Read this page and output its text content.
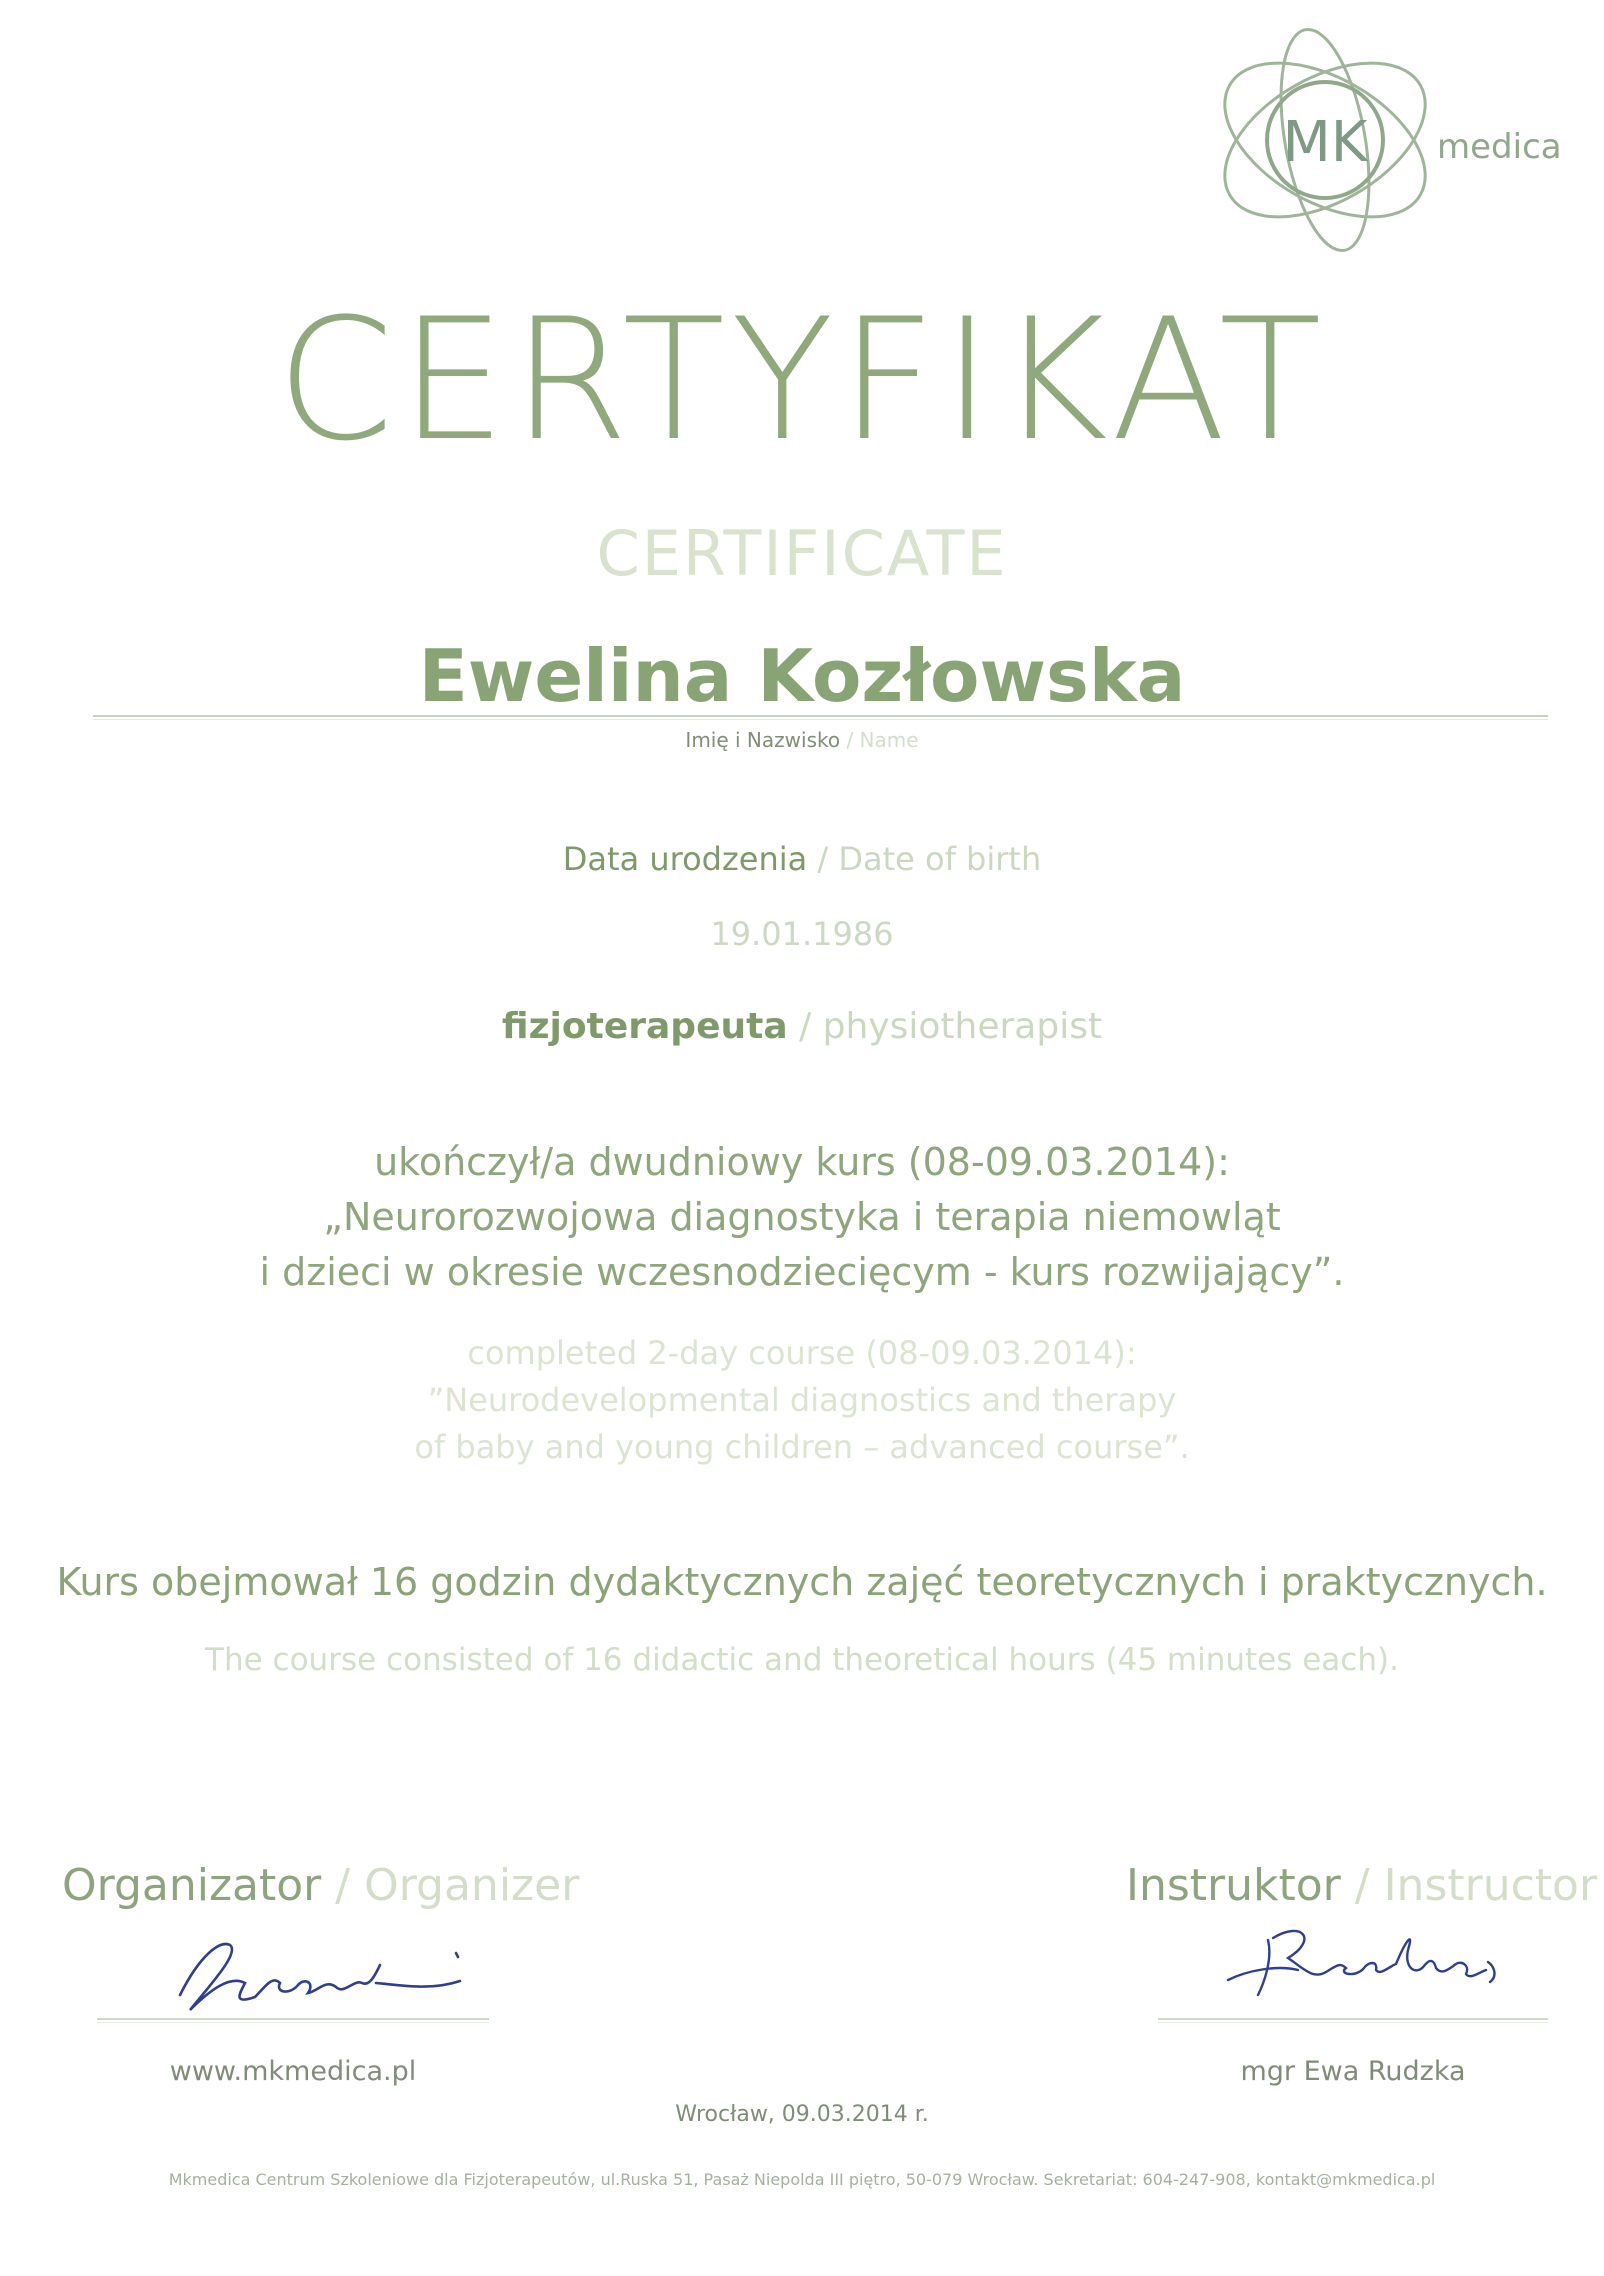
MK medica
CERTYFIKAT
CERTIFICATE
Ewelina Kozłowska
Imię i Nazwisko / Name
Data urodzenia / Date of birth
19.01.1986
fizjoterapeuta / physiotherapist
ukończył/a dwudniowy kurs (08-09.03.2014):
„Neurorozwojowa diagnostyka i terapia niemowląt
i dzieci w okresie wczesnodziecięcym - kurs rozwijający”.
completed 2-day course (08-09.03.2014):
”Neurodevelopmental diagnostics and therapy
of baby and young children – advanced course”.
Kurs obejmował 16 godzin dydaktycznych zajęć teoretycznych i praktycznych.
The course consisted of 16 didactic and theoretical hours (45 minutes each).
Organizator / Organizer
www.mkmedica.pl
Instruktor / Instructor
mgr Ewa Rudzka
Wrocław, 09.03.2014 r.
Mkmedica Centrum Szkoleniowe dla Fizjoterapeutów, ul.Ruska 51, Pasaż Niepolda III piętro, 50-079 Wrocław. Sekretariat: 604-247-908, kontakt@mkmedica.pl
